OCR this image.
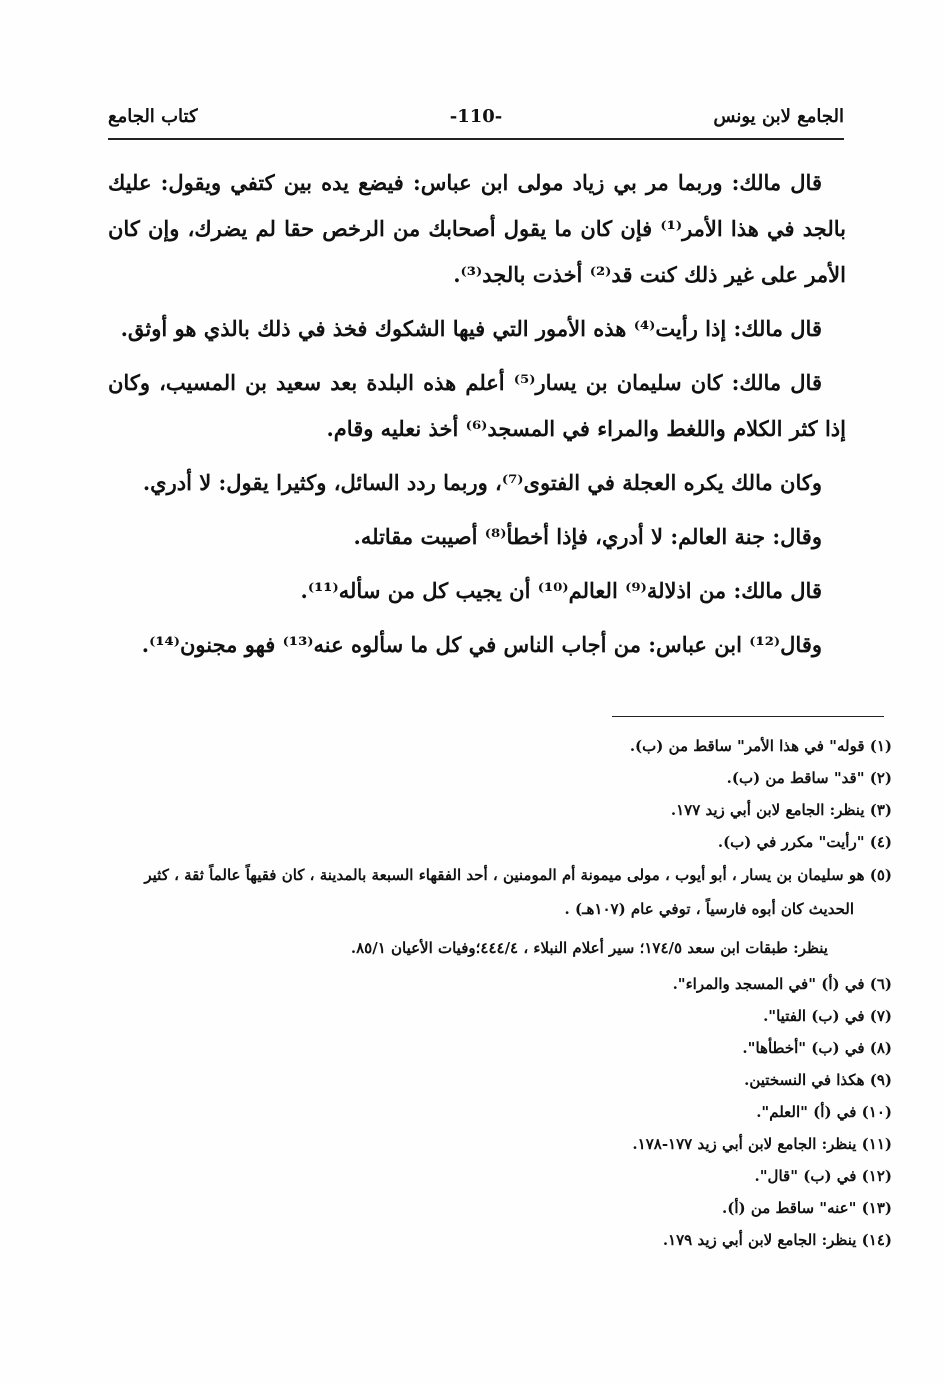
الجامع لابن يونس
-110-
كتاب الجامع

قال مالك: وربما مر بي زياد مولى ابن عباس: فيضع يده بين كتفي ويقول: عليك بالجد في هذا الأمر⁽¹⁾ فإن كان ما يقول أصحابك من الرخص حقا لم يضرك، وإن كان الأمر على غير ذلك كنت قد⁽²⁾ أخذت بالجد⁽³⁾.

قال مالك: إذا رأيت⁽⁴⁾ هذه الأمور التي فيها الشكوك فخذ في ذلك بالذي هو أوثق.

قال مالك: كان سليمان بن يسار⁽⁵⁾ أعلم هذه البلدة بعد سعيد بن المسيب، وكان إذا كثر الكلام واللغط والمراء في المسجد⁽⁶⁾ أخذ نعليه وقام.

وكان مالك يكره العجلة في الفتوى⁽⁷⁾، وربما ردد السائل، وكثيرا يقول: لا أدري.

وقال: جنة العالم: لا أدري، فإذا أخطأ⁽⁸⁾ أصيبت مقاتله.

قال مالك: من اذلالة⁽⁹⁾ العالم⁽¹⁰⁾ أن يجيب كل من سأله⁽¹¹⁾.

وقال⁽¹²⁾ ابن عباس: من أجاب الناس في كل ما سألوه عنه⁽¹³⁾ فهو مجنون⁽¹⁴⁾.

(١) قوله" في هذا الأمر" ساقط من (ب).

(٢) "قد" ساقط من (ب).

(٣) ينظر: الجامع لابن أبي زيد ١٧٧.

(٤) "رأيت" مكرر في (ب).

(٥) هو سليمان بن يسار ، أبو أيوب ، مولى ميمونة أم المومنين ، أحد الفقهاء السبعة بالمدينة ، كان فقيهاً عالماً ثقة ، كثير الحديث كان أبوه فارسياً ، توفي عام (١٠٧هـ) .

ينظر: طبقات ابن سعد ١٧٤/٥؛ سير أعلام النبلاء ، ٤٤٤/٤؛وفيات الأعيان ٨٥/١.

(٦) في (أ) "في المسجد والمراء".

(٧) في (ب) الفتيا".

(٨) في (ب) "أخطأها".

(٩) هكذا في النسختين.

(١٠) في (أ) "العلم".

(١١) ينظر: الجامع لابن أبي زيد ١٧٧-١٧٨.

(١٢) في (ب) "قال".

(١٣) "عنه" ساقط من (أ).

(١٤) ينظر: الجامع لابن أبي زيد ١٧٩.
